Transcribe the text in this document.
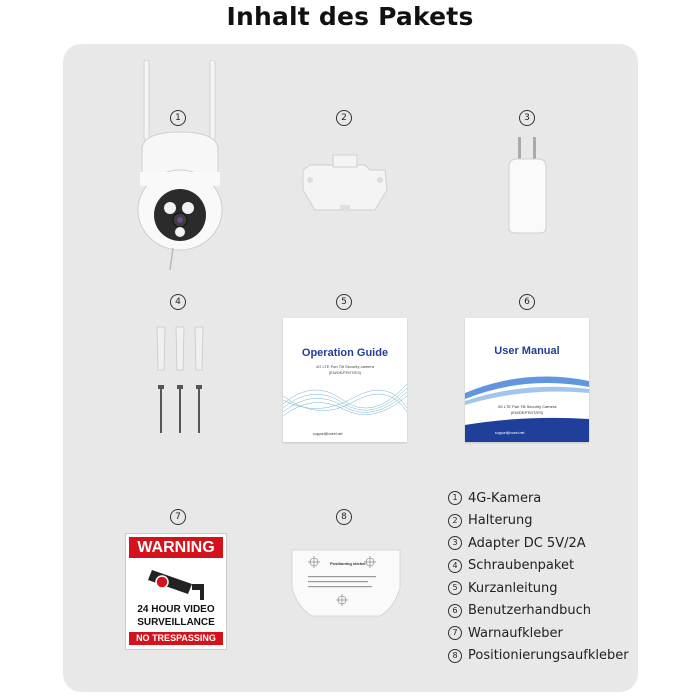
Inhalt des Pakets
1	2	3
4	5	6
7	8
Operation Guide
4G LTE Pan Tilt Security camera
(EN/DE/FR/IT/ES)
support@vueei.net
User Manual
4G LTE Pan Tilt Security Camera
(EN/DE/FR/IT/ES)
support@vueei.net
WARNING
24 HOUR VIDEO
SURVEILLANCE
NO TRESPASSING
Positioning sticker
1 4G-Kamera
2 Halterung
3 Adapter DC 5V/2A
4 Schraubenpaket
5 Kurzanleitung
6 Benutzerhandbuch
7 Warnaufkleber
8 Positionierungsaufkleber
